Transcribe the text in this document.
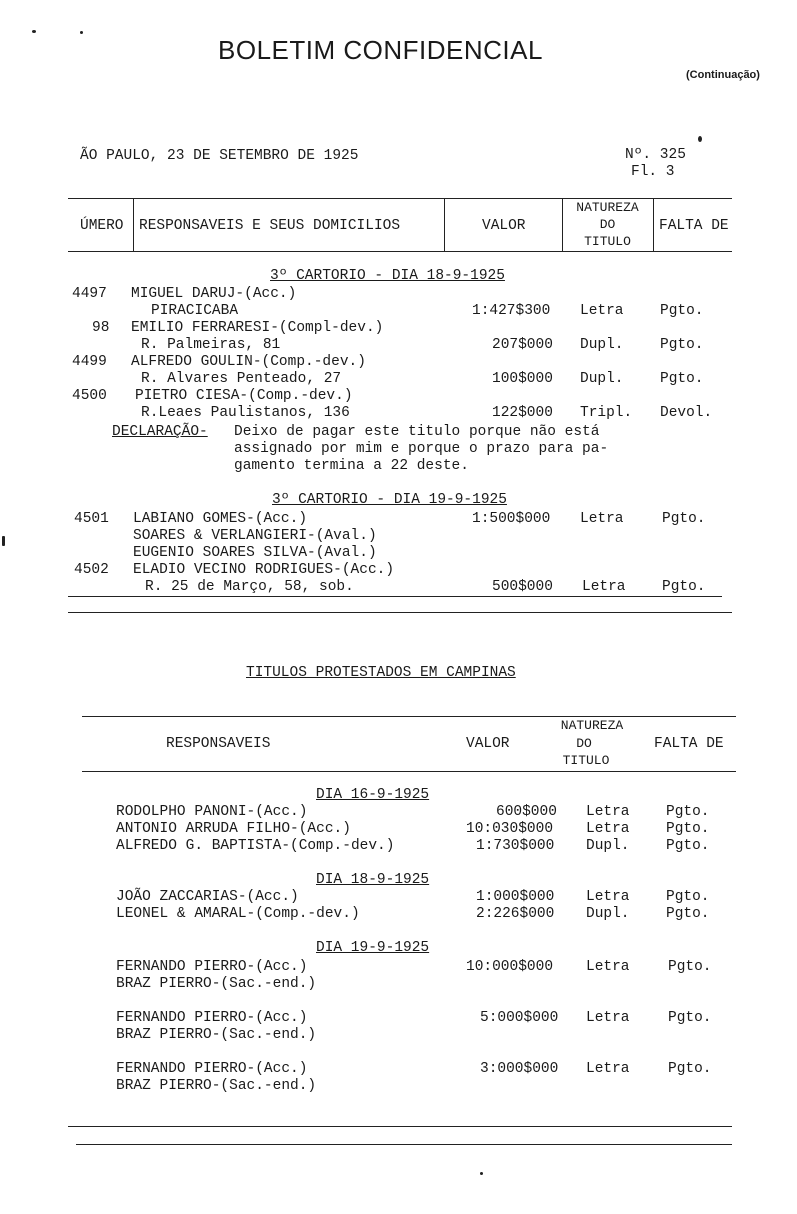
BOLETIM CONFIDENCIAL
(Continuação)
ÃO PAULO, 23 DE SETEMBRO DE 1925	Nº. 325
Fl. 3
ÚMERO RESPONSAVEIS E SEUS DOMICILIOS	VALOR
NATUREZA
DO
TITULO
FALTA DE
3º CARTORIO - DIA 18-9-1925
4497 MIGUEL DARUJ-(Acc.)
PIRACICABA	1:427$300 Letra	Pgto.
98 EMILIO FERRARESI-(Compl-dev.)
R. Palmeiras, 81	207$000 Dupl.	Pgto.
4499 ALFREDO GOULIN-(Comp.-dev.)
R. Alvares Penteado, 27	100$000 Dupl.	Pgto.
4500 PIETRO CIESA-(Comp.-dev.)
R.Leaes Paulistanos, 136	122$000 Tripl. Devol.
DECLARAÇÃO- Deixo de pagar este titulo porque não está
assignado por mim e porque o prazo para pa-
gamento termina a 22 deste.
3º CARTORIO - DIA 19-9-1925
4501 LABIANO GOMES-(Acc.)
SOARES & VERLANGIERI-(Aval.)
EUGENIO SOARES SILVA-(Aval.)
1:500$000 Letra	Pgto.
4502 ELADIO VECINO RODRIGUES-(Acc.)
R. 25 de Março, 58, sob.	500$000 Letra	Pgto.
TITULOS PROTESTADOS EM CAMPINAS
RESPONSAVEIS	VALOR
NATUREZA
DO
TITULO
FALTA DE
DIA 16-9-1925
RODOLPHO PANONI-(Acc.)	600$000 Letra	Pgto.
ANTONIO ARRUDA FILHO-(Acc.)	10:030$000 Letra	Pgto.
ALFREDO G. BAPTISTA-(Comp.-dev.)	1:730$000 Dupl.	Pgto.
DIA 18-9-1925
JOÃO ZACCARIAS-(Acc.)	1:000$000 Letra	Pgto.
LEONEL & AMARAL-(Comp.-dev.)	2:226$000 Dupl.	Pgto.
DIA 19-9-1925
FERNANDO PIERRO-(Acc.)
BRAZ PIERRO-(Sac.-end.)
10:000$000 Letra	Pgto.
FERNANDO PIERRO-(Acc.)
BRAZ PIERRO-(Sac.-end.)
5:000$000 Letra	Pgto.
FERNANDO PIERRO-(Acc.)
BRAZ PIERRO-(Sac.-end.)
3:000$000 Letra	Pgto.
